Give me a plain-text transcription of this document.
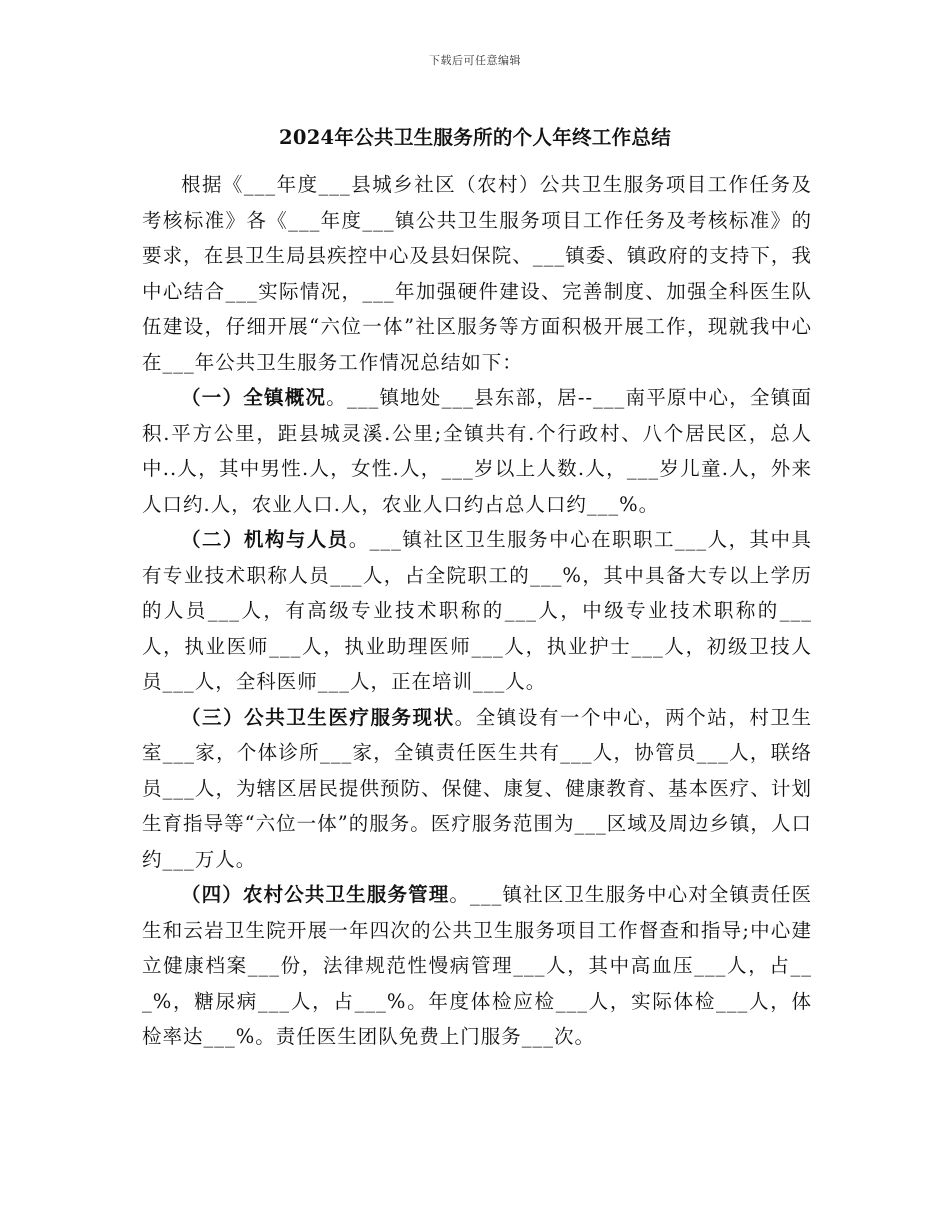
下载后可任意编辑
2024年公共卫生服务所的个人年终工作总结

根据《___年度___县城乡社区（农村）公共卫生服务项目工作任务及考核标准》各《___年度___镇公共卫生服务项目工作任务及考核标准》的要求，在县卫生局县疾控中心及县妇保院、___镇委、镇政府的支持下，我中心结合___实际情况，___年加强硬件建设、完善制度、加强全科医生队伍建设，仔细开展“六位一体”社区服务等方面积极开展工作，现就我中心在___年公共卫生服务工作情况总结如下：

（一）全镇概况。___镇地处___县东部，居--___南平原中心，全镇面积.平方公里，距县城灵溪.公里;全镇共有.个行政村、八个居民区，总人中..人，其中男性.人，女性.人，___岁以上人数.人，___岁儿童.人，外来人口约.人，农业人口.人，农业人口约占总人口约___%。

（二）机构与人员。___镇社区卫生服务中心在职职工___人，其中具有专业技术职称人员___人，占全院职工的___%，其中具备大专以上学历的人员___人，有高级专业技术职称的___人，中级专业技术职称的___人，执业医师___人，执业助理医师___人，执业护士___人，初级卫技人员___人，全科医师___人，正在培训___人。

（三）公共卫生医疗服务现状。全镇设有一个中心，两个站，村卫生室___家，个体诊所___家，全镇责任医生共有___人，协管员___人，联络员___人，为辖区居民提供预防、保健、康复、健康教育、基本医疗、计划生育指导等“六位一体”的服务。医疗服务范围为___区域及周边乡镇，人口约___万人。

（四）农村公共卫生服务管理。___镇社区卫生服务中心对全镇责任医生和云岩卫生院开展一年四次的公共卫生服务项目工作督查和指导;中心建立健康档案___份，法律规范性慢病管理___人，其中高血压___人，占___%，糖尿病___人，占___%。年度体检应检___人，实际体检___人，体检率达___%。责任医生团队免费上门服务___次。
